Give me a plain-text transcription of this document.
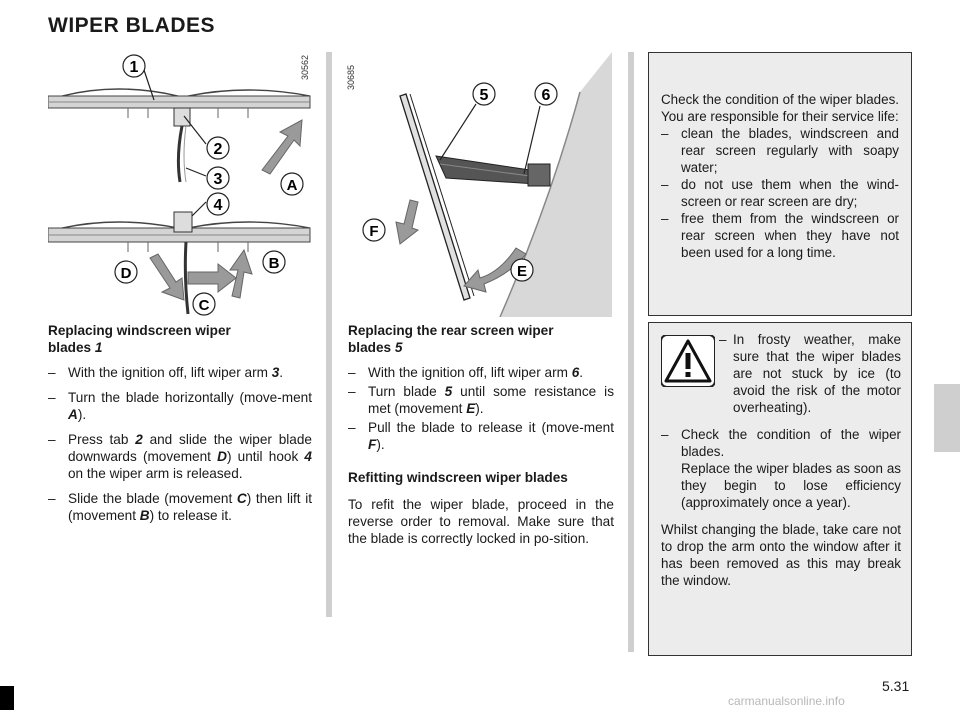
WIPER BLADES
1
2
3
4
A
B
C
D
30562
5	6
E
F
30685

Replacing windscreen wiper
blades 1

– With the ignition off, lift wiper arm 3.
– Turn the blade horizontally (move-ment A).
– Press tab 2 and slide the wiper blade downwards (movement D) until hook 4 on the wiper arm is released.
– Slide the blade (movement C) then lift it (movement B) to release it.

Replacing the rear screen wiper
blades 5

– With the ignition off, lift wiper arm 6.
– Turn blade 5 until some resistance is met (movement E).
– Pull the blade to release it (move-ment F).

Refitting windscreen wiper blades

To refit the wiper blade, proceed in the reverse order to removal. Make sure that the blade is correctly locked in po-sition.

Check the condition of the wiper blades. You are responsible for their service life:

– clean the blades, windscreen and rear screen regularly with soapy water;
– do not use them when the wind-screen or rear screen are dry;
– free them from the windscreen or rear screen when they have not been used for a long time.
– In frosty weather, make sure that the wiper blades are not stuck by ice (to avoid the risk of the motor overheating).
– Check the condition of the wiper blades.
Replace the wiper blades as soon as they begin to lose efficiency (approximately once a year).

Whilst changing the blade, take care not to drop the arm onto the window after it has been removed as this may break the window.

5.31
carmanualsonline.info
